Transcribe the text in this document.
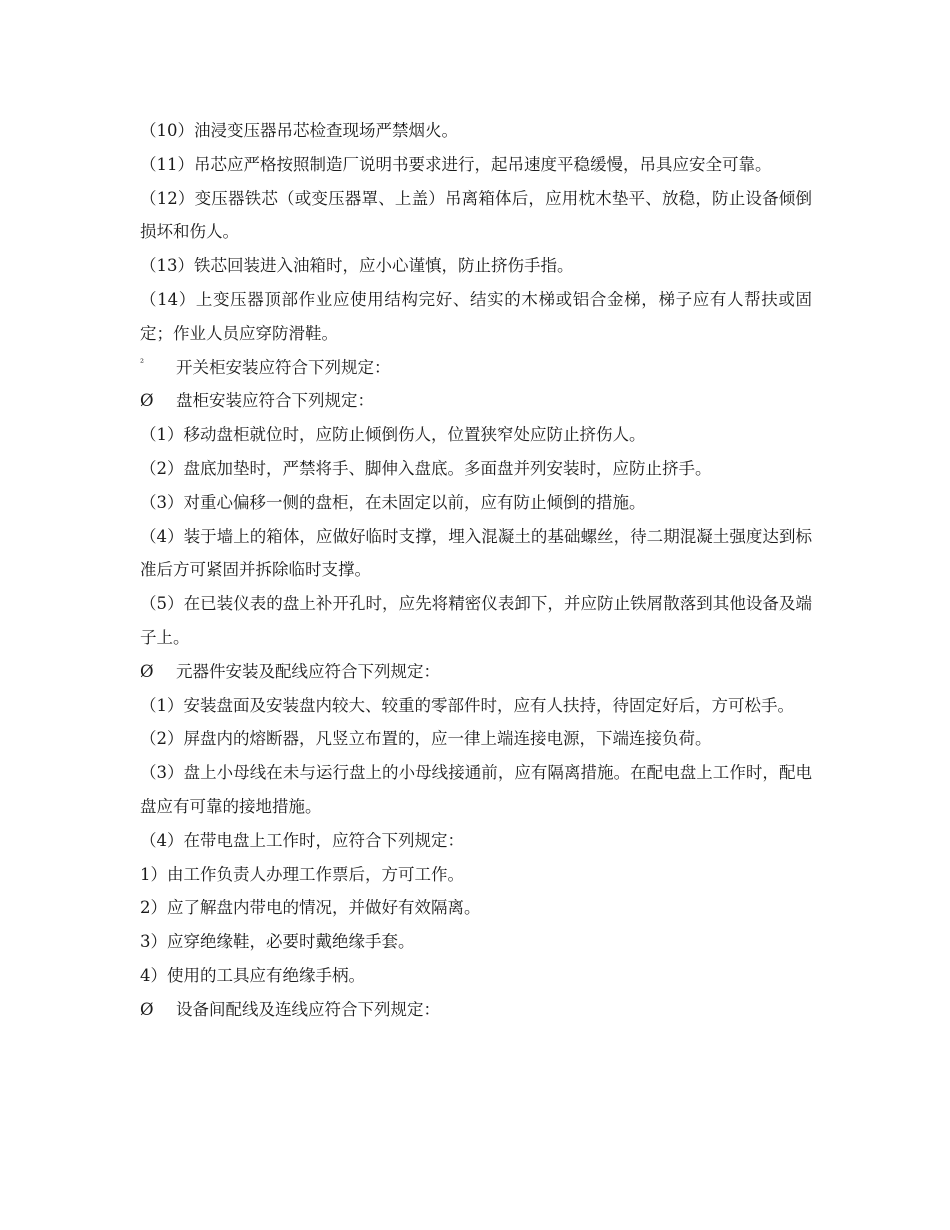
（10）油浸变压器吊芯检查现场严禁烟火。

（11）吊芯应严格按照制造厂说明书要求进行，起吊速度平稳缓慢，吊具应安全可靠。

（12）变压器铁芯（或变压器罩、上盖）吊离箱体后，应用枕木垫平、放稳，防止设备倾倒损坏和伤人。

（13）铁芯回装进入油箱时，应小心谨慎，防止挤伤手指。

（14）上变压器顶部作业应使用结构完好、结实的木梯或铝合金梯，梯子应有人帮扶或固定；作业人员应穿防滑鞋。

² 开关柜安装应符合下列规定：

Ø 盘柜安装应符合下列规定：

（1）移动盘柜就位时，应防止倾倒伤人，位置狭窄处应防止挤伤人。

（2）盘底加垫时，严禁将手、脚伸入盘底。多面盘并列安装时，应防止挤手。

（3）对重心偏移一侧的盘柜，在未固定以前，应有防止倾倒的措施。

（4）装于墙上的箱体，应做好临时支撑，埋入混凝土的基础螺丝，待二期混凝土强度达到标准后方可紧固并拆除临时支撑。

（5）在已装仪表的盘上补开孔时，应先将精密仪表卸下，并应防止铁屑散落到其他设备及端子上。

Ø 元器件安装及配线应符合下列规定：

（1）安装盘面及安装盘内较大、较重的零部件时，应有人扶持，待固定好后，方可松手。

（2）屏盘内的熔断器，凡竖立布置的，应一律上端连接电源，下端连接负荷。

（3）盘上小母线在未与运行盘上的小母线接通前，应有隔离措施。在配电盘上工作时，配电盘应有可靠的接地措施。

（4）在带电盘上工作时，应符合下列规定：

1）由工作负责人办理工作票后，方可工作。

2）应了解盘内带电的情况，并做好有效隔离。

3）应穿绝缘鞋，必要时戴绝缘手套。

4）使用的工具应有绝缘手柄。

Ø 设备间配线及连线应符合下列规定：
